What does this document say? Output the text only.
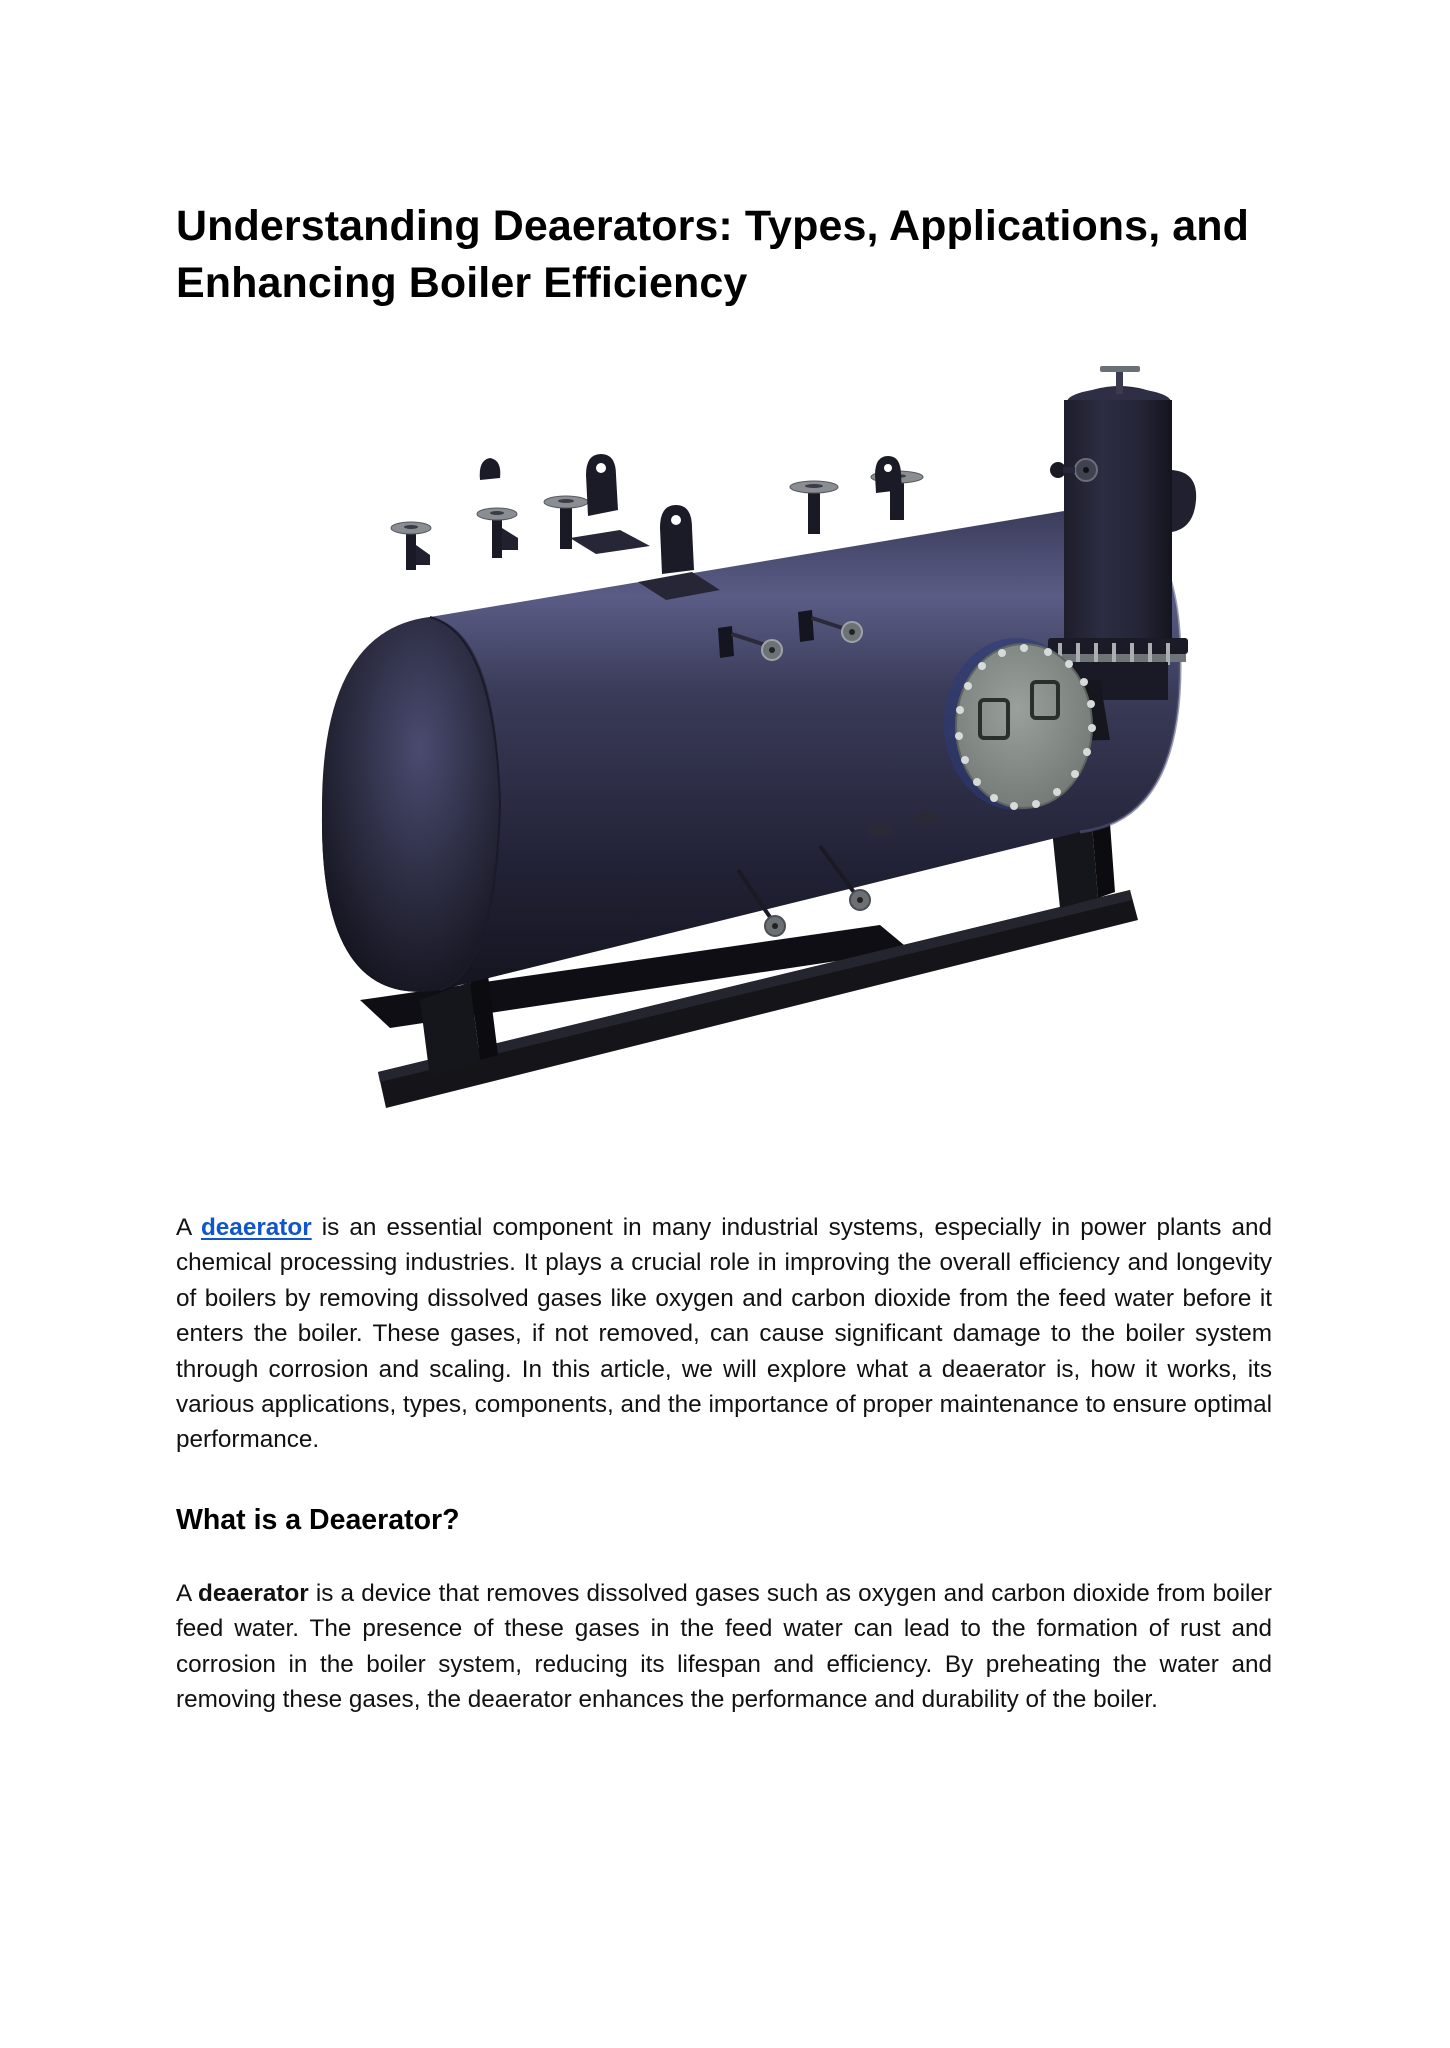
Understanding Deaerators: Types, Applications, and Enhancing Boiler Efficiency

A deaerator is an essential component in many industrial systems, especially in power plants and chemical processing industries. It plays a crucial role in improving the overall efficiency and longevity of boilers by removing dissolved gases like oxygen and carbon dioxide from the feed water before it enters the boiler. These gases, if not removed, can cause significant damage to the boiler system through corrosion and scaling. In this article, we will explore what a deaerator is, how it works, its various applications, types, components, and the importance of proper maintenance to ensure optimal performance.

What is a Deaerator?

A deaerator is a device that removes dissolved gases such as oxygen and carbon dioxide from boiler feed water. The presence of these gases in the feed water can lead to the formation of rust and corrosion in the boiler system, reducing its lifespan and efficiency. By preheating the water and removing these gases, the deaerator enhances the performance and durability of the boiler.
